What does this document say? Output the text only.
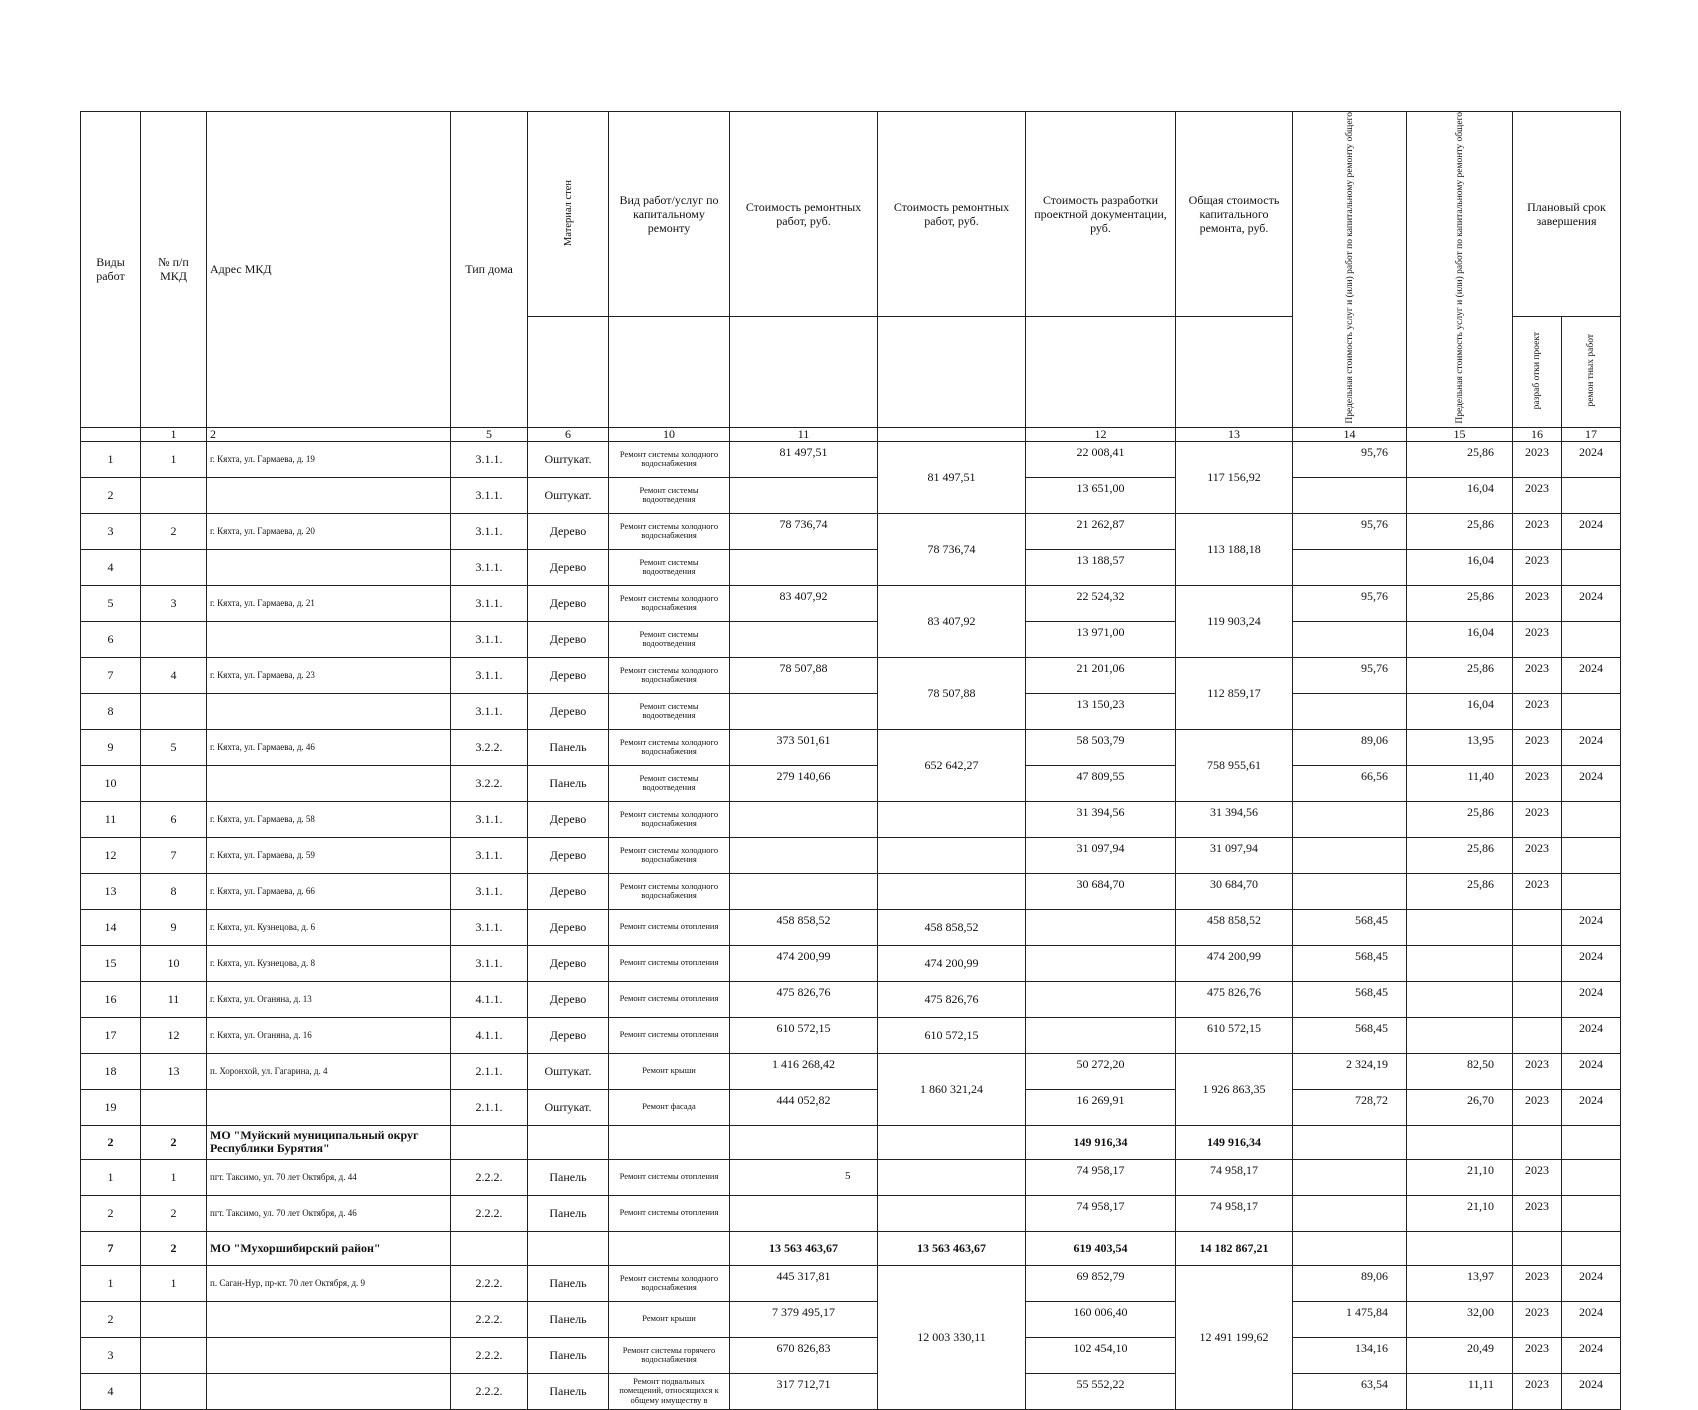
Виды работ	№ п/п МКД	Адрес МКД	Тип дома	Материал стен	Вид работ/услуг по капитальному ремонту	Стоимость ремонтных работ, руб.	Стоимость ремонтных работ, руб.	Стоимость разработки проектной документации, руб.	Общая стоимость капитального ремонта, руб.	Предельная стоимость услуг и (или) работ по капитальному ремонту общего	Предельная стоимость услуг и (или) работ по капитальному ремонту общего	Плановый срок завершения	
												разраб отки проект	ремон тных работ
	1	2	5	6	10	11		12	13	14	15	16	17
1	1	г. Кяхта, ул. Гармаева, д. 19	3.1.1.	Оштукат.	Ремонт системы холодного водоснабжения	81 497,51	81 497,51	22 008,41	117 156,92	95,76	25,86	2023	2024
2			3.1.1.	Оштукат.	Ремонт системы водоотведения			13 651,00			16,04	2023	
3	2	г. Кяхта, ул. Гармаева, д. 20	3.1.1.	Дерево	Ремонт системы холодного водоснабжения	78 736,74	78 736,74	21 262,87	113 188,18	95,76	25,86	2023	2024
4			3.1.1.	Дерево	Ремонт системы водоотведения			13 188,57			16,04	2023	
5	3	г. Кяхта, ул. Гармаева, д. 21	3.1.1.	Дерево	Ремонт системы холодного водоснабжения	83 407,92	83 407,92	22 524,32	119 903,24	95,76	25,86	2023	2024
6			3.1.1.	Дерево	Ремонт системы водоотведения			13 971,00			16,04	2023	
7	4	г. Кяхта, ул. Гармаева, д. 23	3.1.1.	Дерево	Ремонт системы холодного водоснабжения	78 507,88	78 507,88	21 201,06	112 859,17	95,76	25,86	2023	2024
8			3.1.1.	Дерево	Ремонт системы водоотведения			13 150,23			16,04	2023	
9	5	г. Кяхта, ул. Гармаева, д. 46	3.2.2.	Панель	Ремонт системы холодного водоснабжения	373 501,61	652 642,27	58 503,79	758 955,61	89,06	13,95	2023	2024
10			3.2.2.	Панель	Ремонт системы водоотведения	279 140,66		47 809,55		66,56	11,40	2023	2024
11	6	г. Кяхта, ул. Гармаева, д. 58	3.1.1.	Дерево	Ремонт системы холодного водоснабжения			31 394,56	31 394,56		25,86	2023	
12	7	г. Кяхта, ул. Гармаева, д. 59	3.1.1.	Дерево	Ремонт системы холодного водоснабжения			31 097,94	31 097,94		25,86	2023	
13	8	г. Кяхта, ул. Гармаева, д. 66	3.1.1.	Дерево	Ремонт системы холодного водоснабжения			30 684,70	30 684,70		25,86	2023	
14	9	г. Кяхта, ул. Кузнецова, д. 6	3.1.1.	Дерево	Ремонт системы отопления	458 858,52	458 858,52		458 858,52	568,45			2024
15	10	г. Кяхта, ул. Кузнецова, д. 8	3.1.1.	Дерево	Ремонт системы отопления	474 200,99	474 200,99		474 200,99	568,45			2024
16	11	г. Кяхта, ул. Оганяна, д. 13	4.1.1.	Дерево	Ремонт системы отопления	475 826,76	475 826,76		475 826,76	568,45			2024
17	12	г. Кяхта, ул. Оганяна, д. 16	4.1.1.	Дерево	Ремонт системы отопления	610 572,15	610 572,15		610 572,15	568,45			2024
18	13	п. Хоронхой, ул. Гагарина, д. 4	2.1.1.	Оштукат.	Ремонт крыши	1 416 268,42	1 860 321,24	50 272,20	1 926 863,35	2 324,19	82,50	2023	2024
19			2.1.1.	Оштукат.	Ремонт фасада	444 052,82		16 269,91		728,72	26,70	2023	2024
2	2	МО "Муйский муниципальный округ Республики Бурятия"						149 916,34	149 916,34				
1	1	пгт. Таксимо, ул. 70 лет Октября, д. 44	2.2.2.	Панель	Ремонт системы отопления			74 958,17	74 958,17		21,10	2023	
2	2	пгт. Таксимо, ул. 70 лет Октября, д. 46	2.2.2.	Панель	Ремонт системы отопления			74 958,17	74 958,17		21,10	2023	
7	2	МО "Мухоршибирский район"				13 563 463,67	13 563 463,67	619 403,54	14 182 867,21				
1	1	п. Саган-Нур, пр-кт. 70 лет Октября, д. 9	2.2.2.	Панель	Ремонт системы холодного водоснабжения	445 317,81	12 003 330,11	69 852,79	12 491 199,62	89,06	13,97	2023	2024
2			2.2.2.	Панель	Ремонт крыши	7 379 495,17		160 006,40		1 475,84	32,00	2023	2024
3			2.2.2.	Панель	Ремонт системы горячего водоснабжения	670 826,83		102 454,10		134,16	20,49	2023	2024
4			2.2.2.	Панель	Ремонт подвальных помещений, относящихся к общему имуществу в	317 712,71		55 552,22		63,54	11,11	2023	2024
5
